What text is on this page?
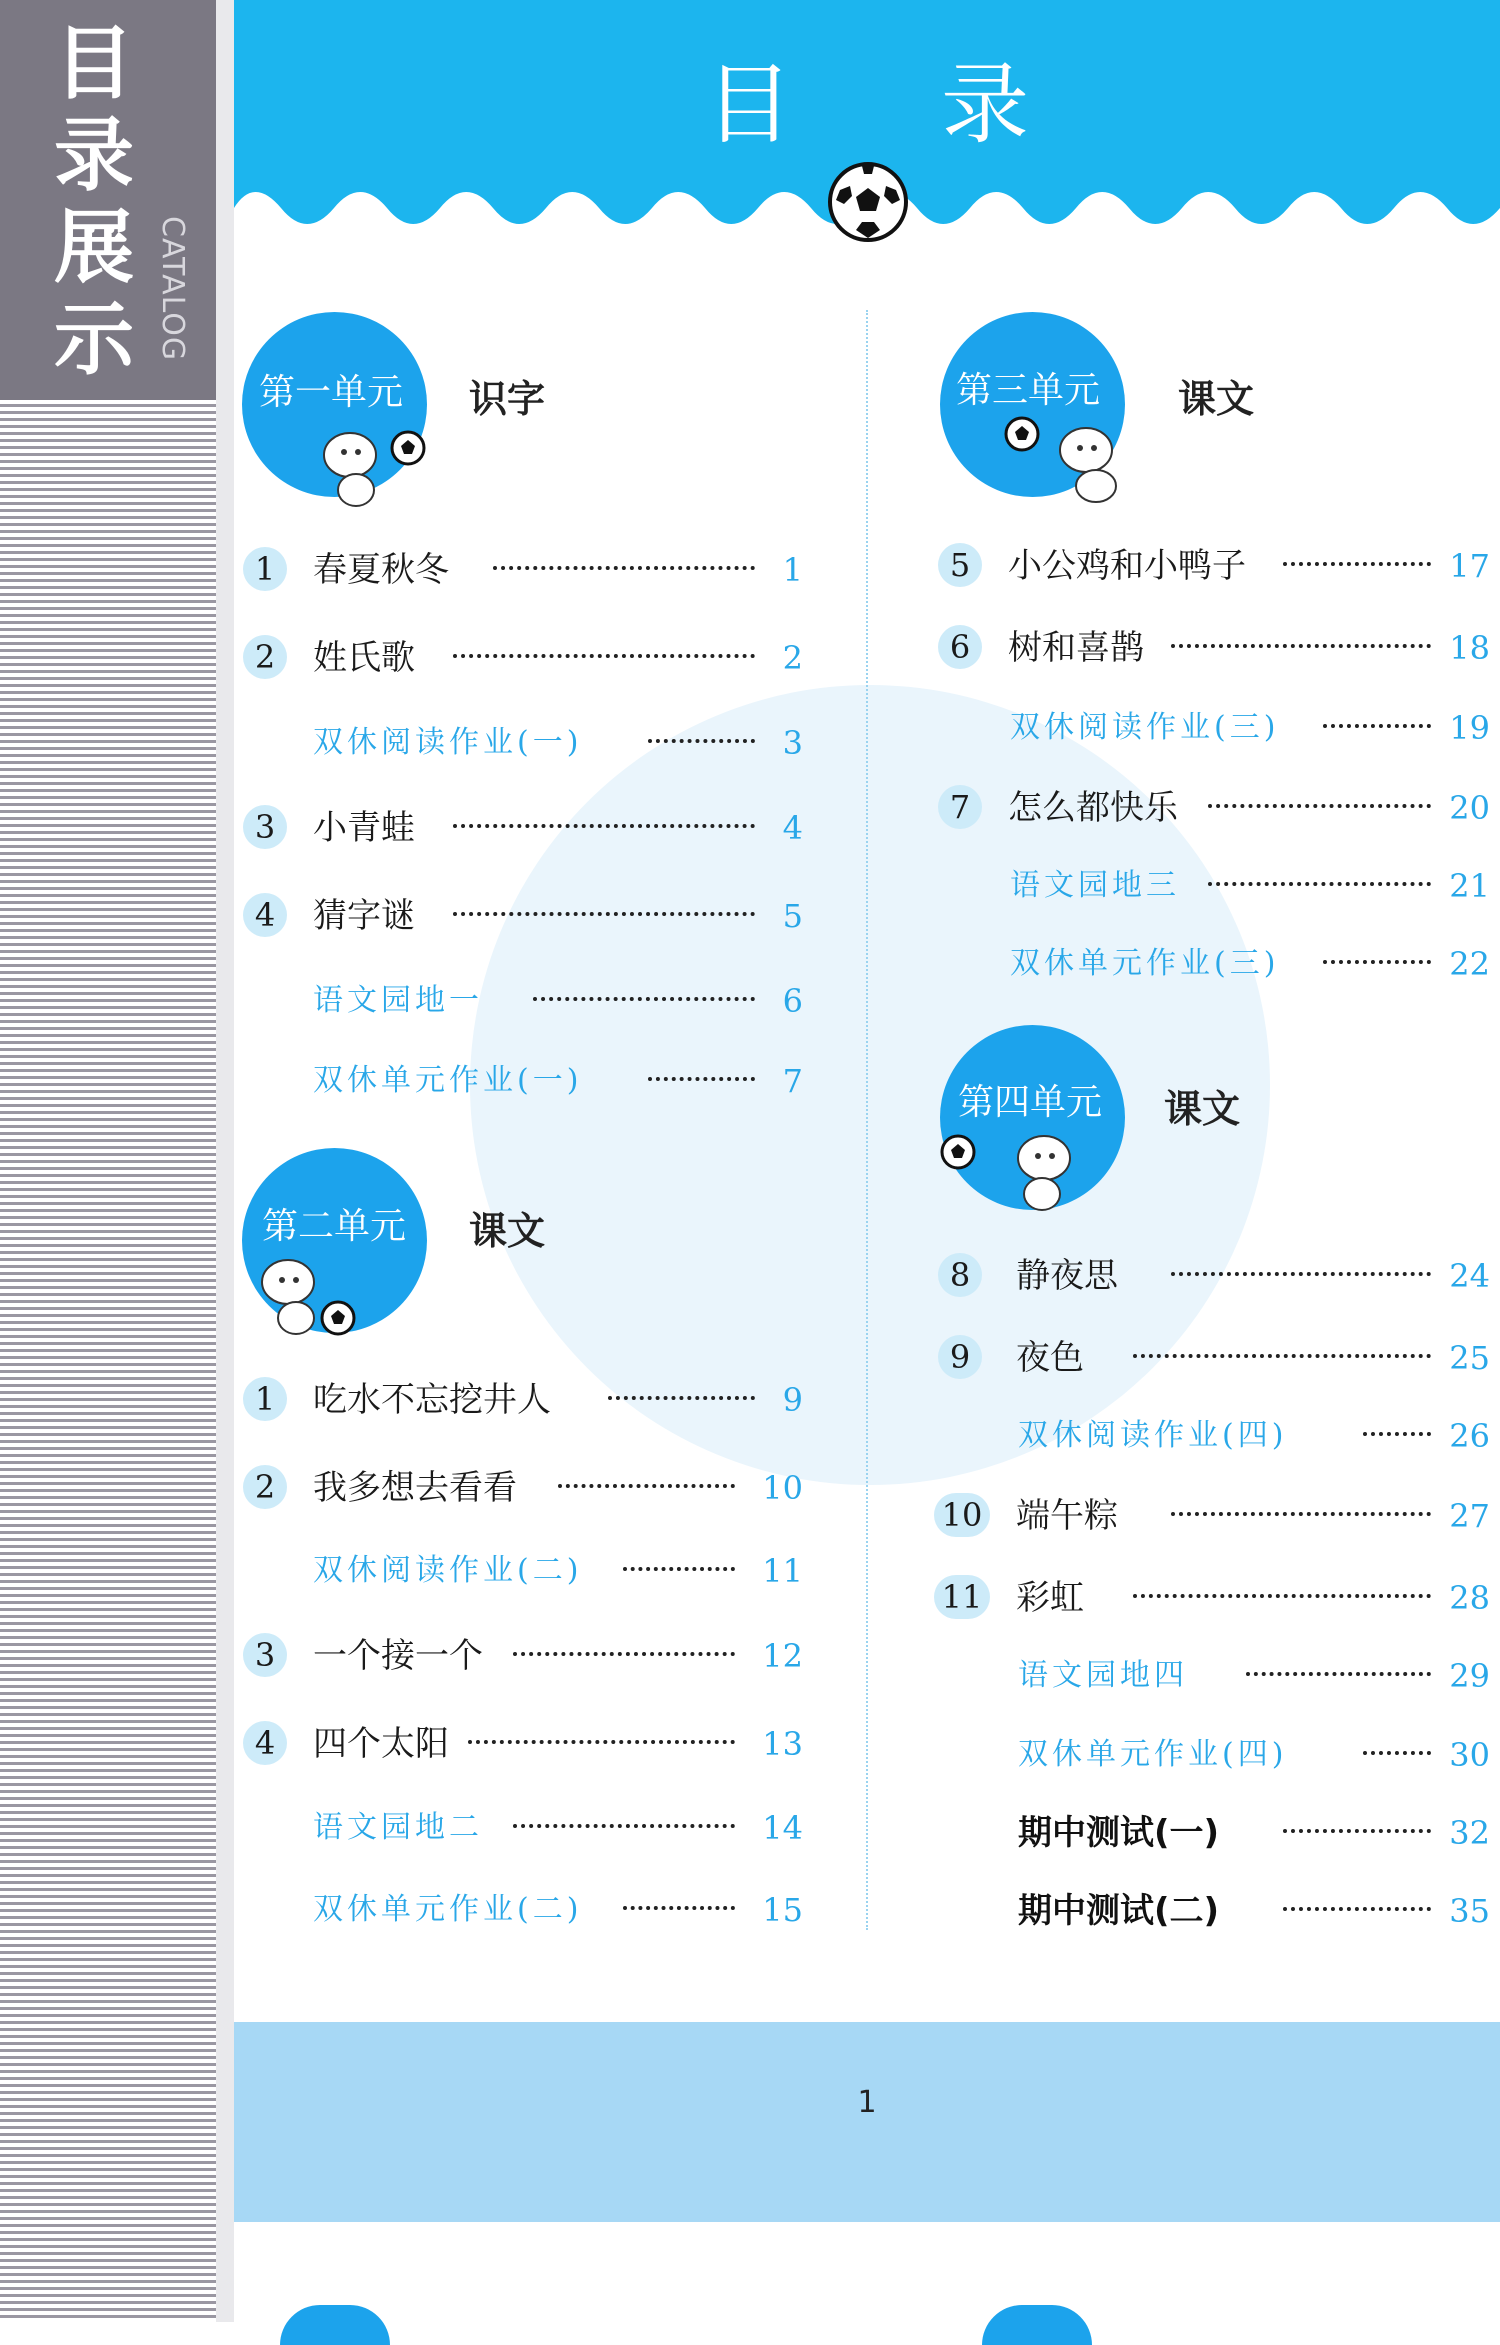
目
录
展
示 CATALOG
目 录
第一单元 识字
第二单元 课文
第三单元 课文
第四单元 课文
1	春夏秋冬	1
2	姓氏歌	2
双休阅读作业(一)	3
3	小青蛙	4
4	猜字谜	5
语文园地一	6
双休单元作业(一)	7
1	吃水不忘挖井人	9
2	我多想去看看	10
双休阅读作业(二)	11
3	一个接一个	12
4	四个太阳	13
语文园地二	14
双休单元作业(二)	15
5	小公鸡和小鸭子	17
6	树和喜鹊	18
双休阅读作业(三)	19
7	怎么都快乐	20
语文园地三	21
双休单元作业(三)	22
8	静夜思	24
9	夜色	25
双休阅读作业(四)	26
10 端午粽	27
11 彩虹	28
语文园地四	29
双休单元作业(四)	30
期中测试(一)	32
期中测试(二)	35
1
